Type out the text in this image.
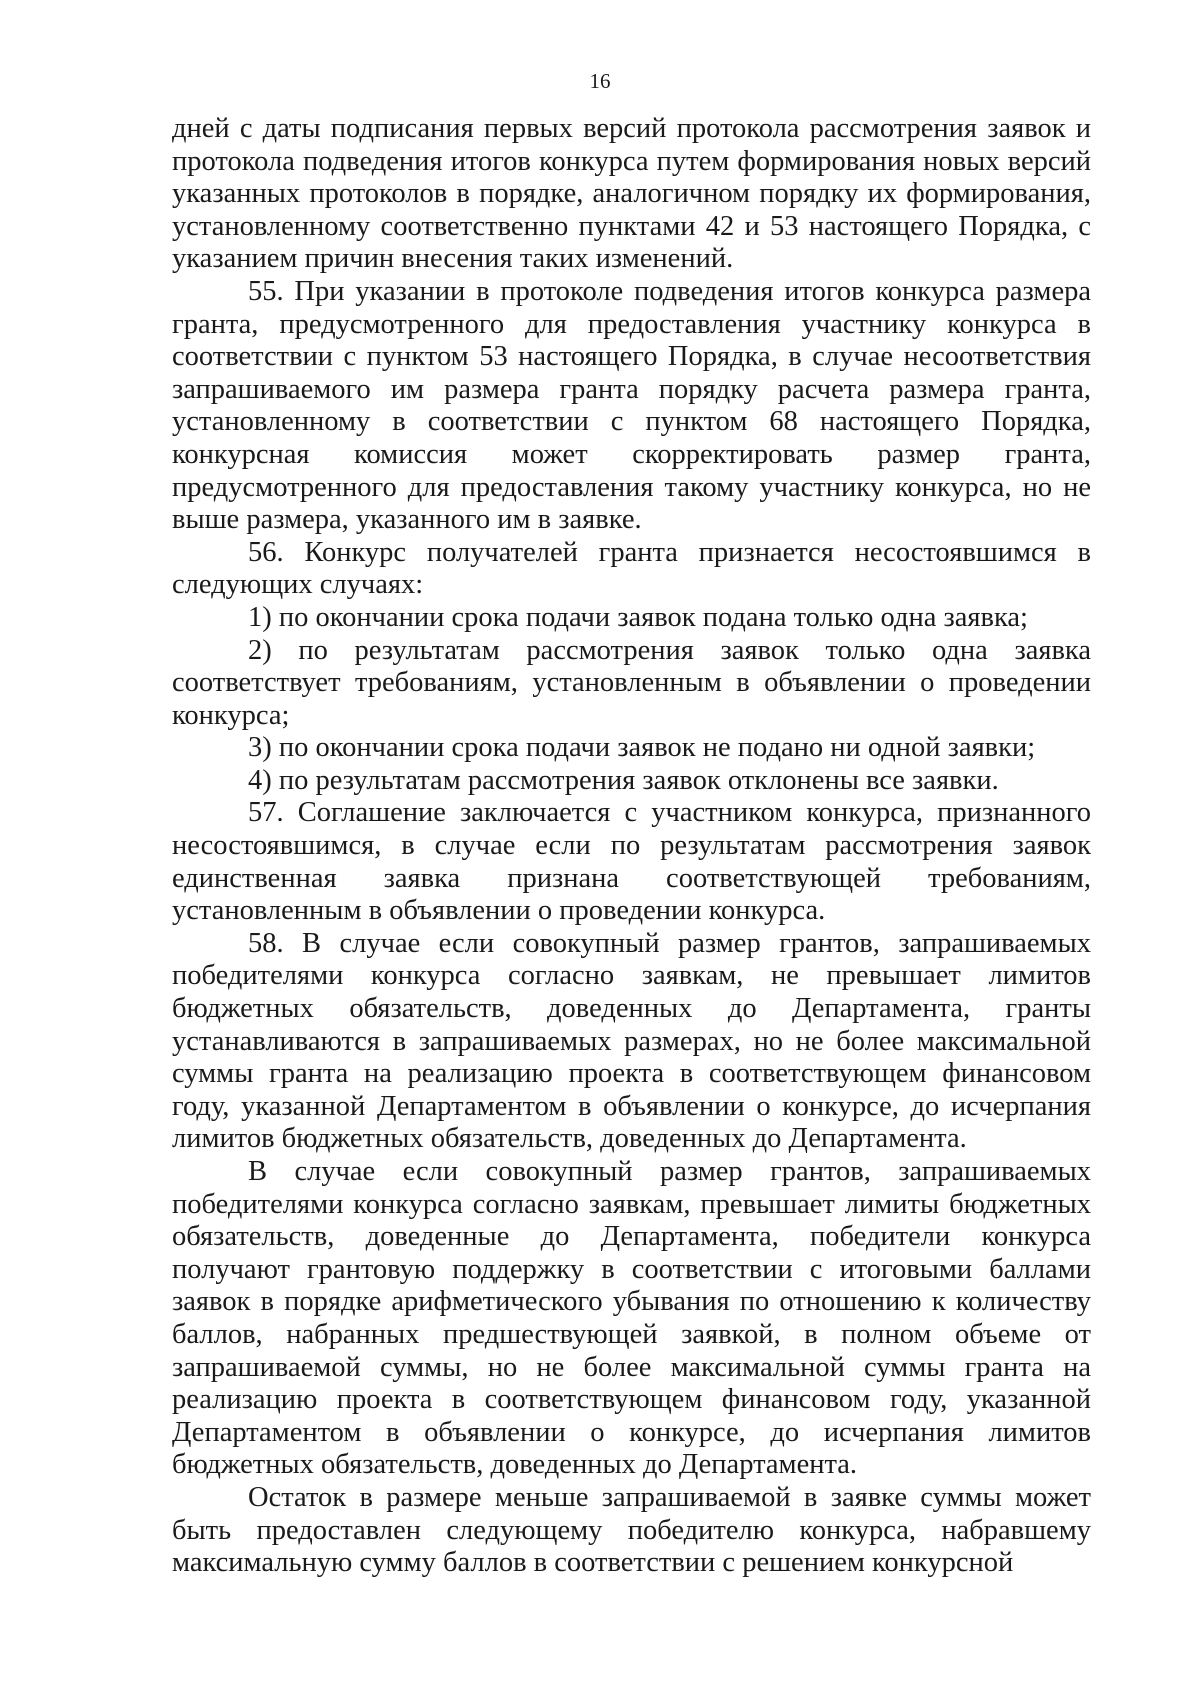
16

дней с даты подписания первых версий протокола рассмотрения заявок и протокола подведения итогов конкурса путем формирования новых версий указанных протоколов в порядке, аналогичном порядку их формирования, установленному соответственно пунктами 42 и 53 настоящего Порядка, с указанием причин внесения таких изменений.

55. При указании в протоколе подведения итогов конкурса размера гранта, предусмотренного для предоставления участнику конкурса в соответствии с пунктом 53 настоящего Порядка, в случае несоответствия запрашиваемого им размера гранта порядку расчета размера гранта, установленному в соответствии с пунктом 68 настоящего Порядка, конкурсная комиссия может скорректировать размер гранта, предусмотренного для предоставления такому участнику конкурса, но не выше размера, указанного им в заявке.

56. Конкурс получателей гранта признается несостоявшимся в следующих случаях:

1) по окончании срока подачи заявок подана только одна заявка;

2) по результатам рассмотрения заявок только одна заявка соответствует требованиям, установленным в объявлении о проведении конкурса;

3) по окончании срока подачи заявок не подано ни одной заявки;

4) по результатам рассмотрения заявок отклонены все заявки.

57. Соглашение заключается с участником конкурса, признанного несостоявшимся, в случае если по результатам рассмотрения заявок единственная заявка признана соответствующей требованиям, установленным в объявлении о проведении конкурса.

58. В случае если совокупный размер грантов, запрашиваемых победителями конкурса согласно заявкам, не превышает лимитов бюджетных обязательств, доведенных до Департамента, гранты устанавливаются в запрашиваемых размерах, но не более максимальной суммы гранта на реализацию проекта в соответствующем финансовом году, указанной Департаментом в объявлении о конкурсе, до исчерпания лимитов бюджетных обязательств, доведенных до Департамента.

В случае если совокупный размер грантов, запрашиваемых победителями конкурса согласно заявкам, превышает лимиты бюджетных обязательств, доведенные до Департамента, победители конкурса получают грантовую поддержку в соответствии с итоговыми баллами заявок в порядке арифметического убывания по отношению к количеству баллов, набранных предшествующей заявкой, в полном объеме от запрашиваемой суммы, но не более максимальной суммы гранта на реализацию проекта в соответствующем финансовом году, указанной Департаментом в объявлении о конкурсе, до исчерпания лимитов бюджетных обязательств, доведенных до Департамента.

Остаток в размере меньше запрашиваемой в заявке суммы может быть предоставлен следующему победителю конкурса, набравшему максимальную сумму баллов в соответствии с решением конкурсной
